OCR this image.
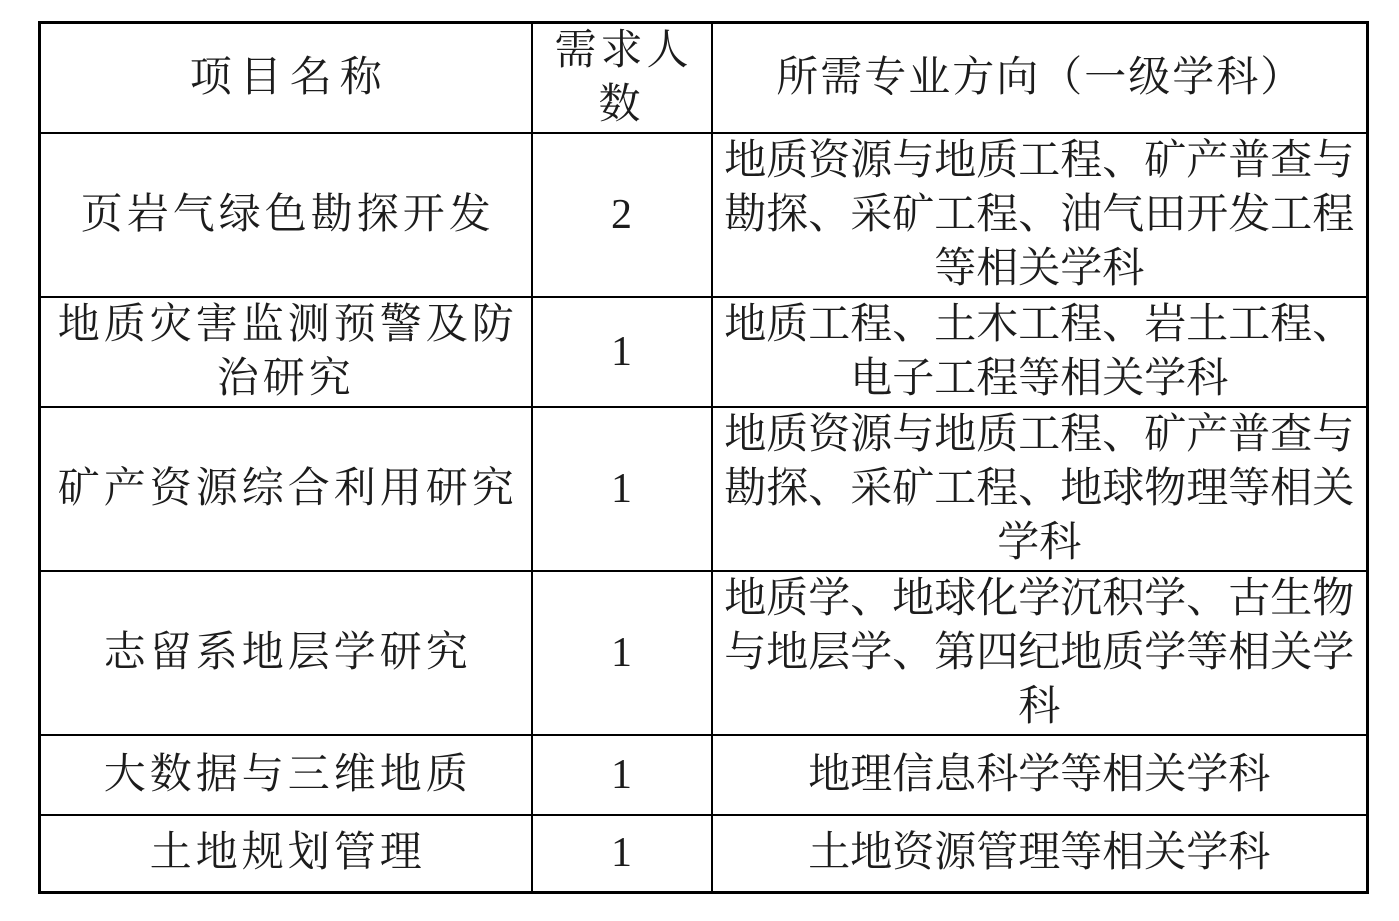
项目名称	需求人数	所需专业方向（一级学科）
页岩气绿色勘探开发	2	地质资源与地质工程、矿产普查与勘探、采矿工程、油气田开发工程等相关学科
地质灾害监测预警及防治研究	1	地质工程、土木工程、岩土工程、电子工程等相关学科
矿产资源综合利用研究	1	地质资源与地质工程、矿产普查与勘探、采矿工程、地球物理等相关学科
志留系地层学研究	1	地质学、地球化学沉积学、古生物与地层学、第四纪地质学等相关学科
大数据与三维地质	1	地理信息科学等相关学科
土地规划管理	1	土地资源管理等相关学科
